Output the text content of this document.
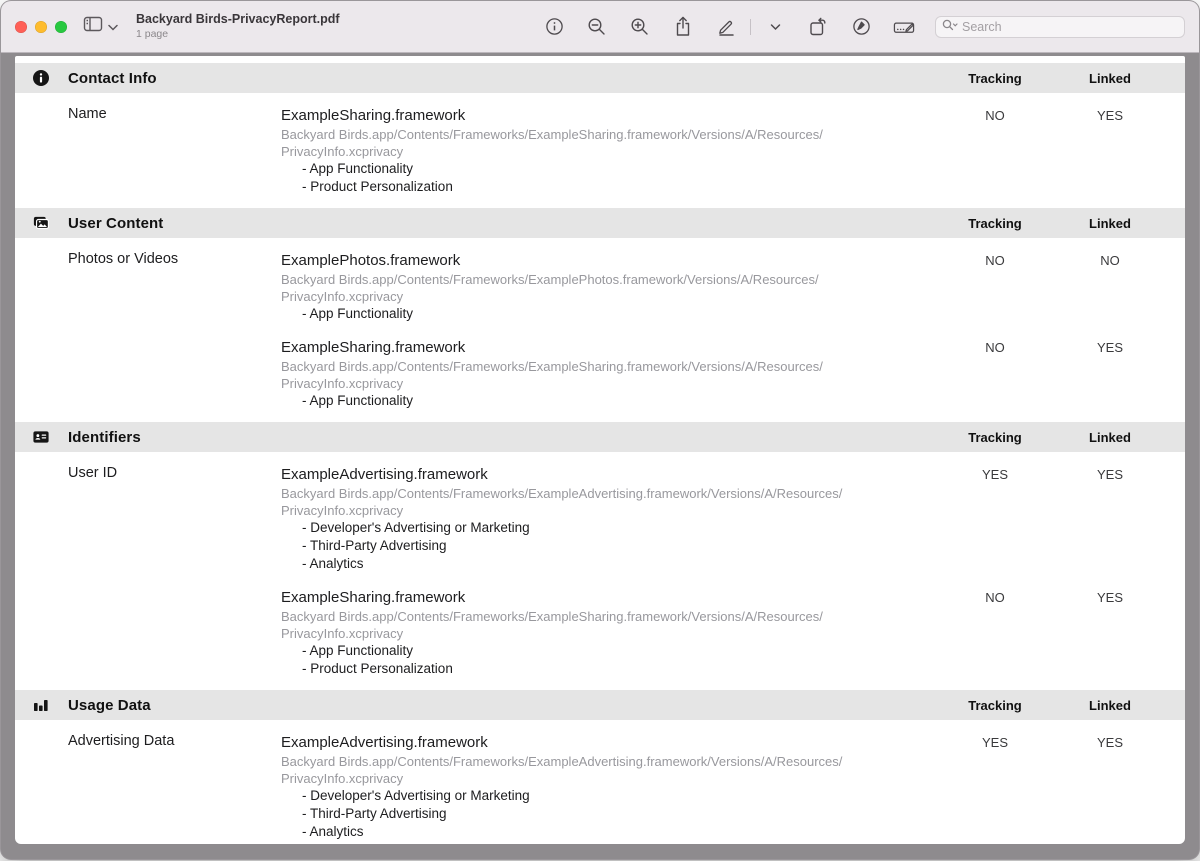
Backyard Birds-PrivacyReport.pdf
1 page
Search
Contact Info	Tracking	Linked
Name	ExampleSharing.framework
Backyard Birds.app/Contents/Frameworks/ExampleSharing.framework/Versions/A/Resources/
PrivacyInfo.xcprivacy
- App Functionality
- Product Personalization
NO	YES
User Content	Tracking	Linked
Photos or Videos	ExamplePhotos.framework
Backyard Birds.app/Contents/Frameworks/ExamplePhotos.framework/Versions/A/Resources/
PrivacyInfo.xcprivacy
- App Functionality
NO	NO
ExampleSharing.framework
Backyard Birds.app/Contents/Frameworks/ExampleSharing.framework/Versions/A/Resources/
PrivacyInfo.xcprivacy
- App Functionality
NO	YES
Identifiers	Tracking	Linked
User ID	ExampleAdvertising.framework
Backyard Birds.app/Contents/Frameworks/ExampleAdvertising.framework/Versions/A/Resources/
PrivacyInfo.xcprivacy
- Developer's Advertising or Marketing
- Third-Party Advertising
- Analytics
YES	YES
ExampleSharing.framework
Backyard Birds.app/Contents/Frameworks/ExampleSharing.framework/Versions/A/Resources/
PrivacyInfo.xcprivacy
- App Functionality
- Product Personalization
NO	YES
Usage Data	Tracking	Linked
Advertising Data	ExampleAdvertising.framework
Backyard Birds.app/Contents/Frameworks/ExampleAdvertising.framework/Versions/A/Resources/
PrivacyInfo.xcprivacy
- Developer's Advertising or Marketing
- Third-Party Advertising
- Analytics
YES	YES
